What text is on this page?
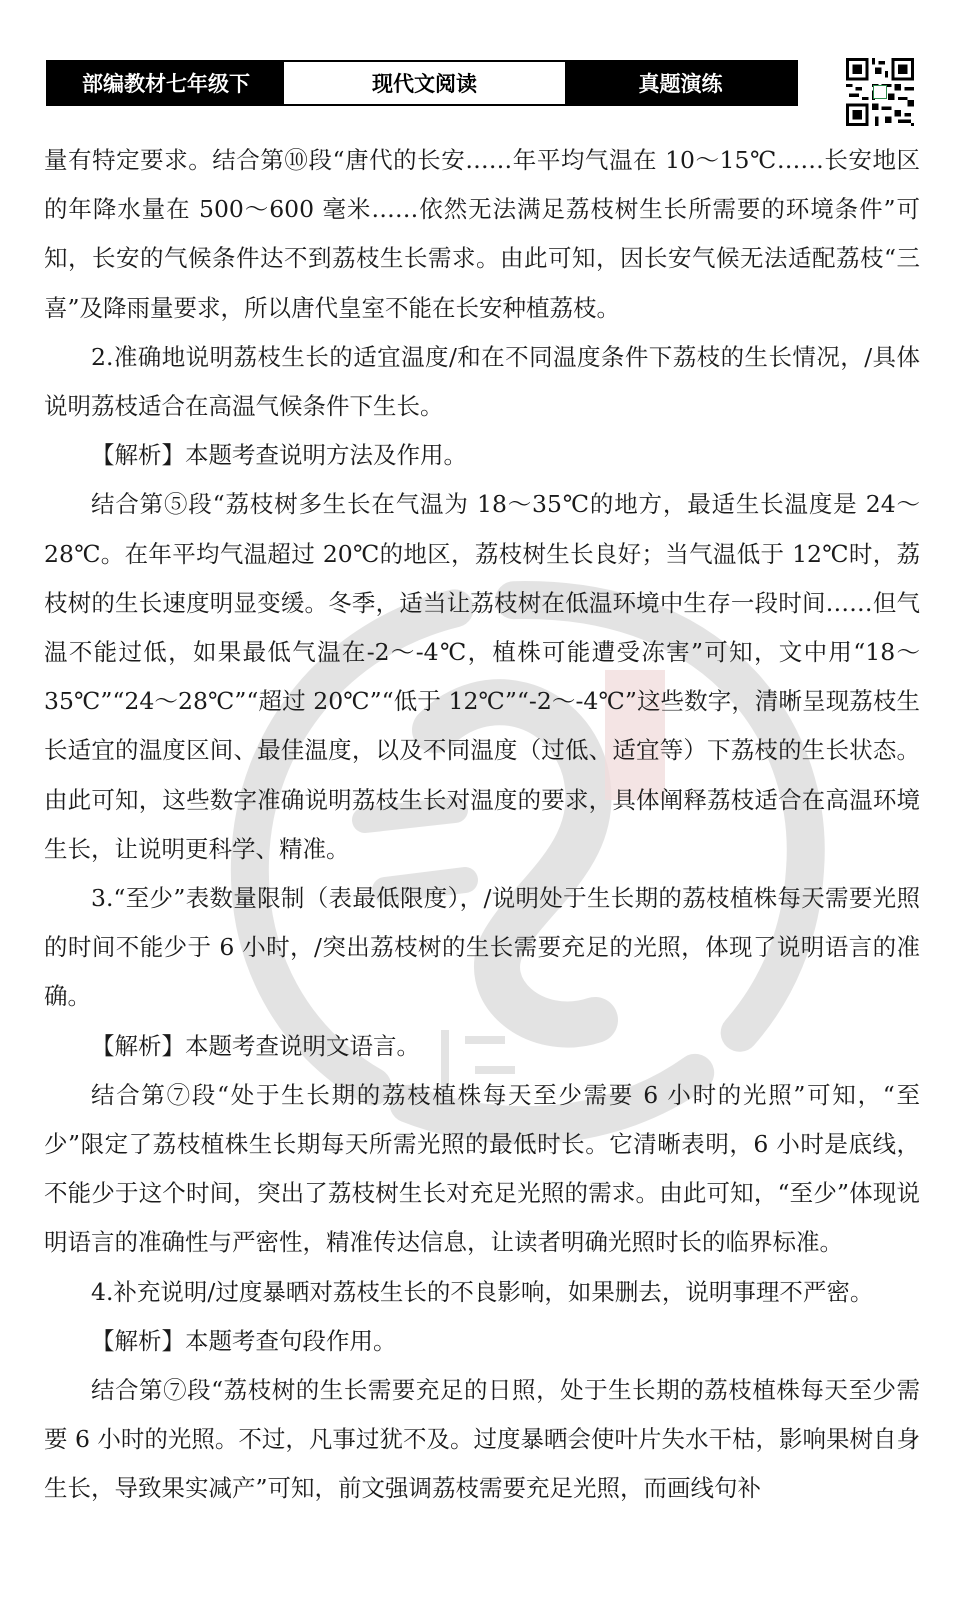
部编教材七年级下	现代文阅读	真题演练

量有特定要求。结合第⑩段“唐代的长安……年平均气温在 10～15℃……长安地区的年降水量在 500～600 毫米……依然无法满足荔枝树生长所需要的环境条件”可知，长安的气候条件达不到荔枝生长需求。由此可知，因长安气候无法适配荔枝“三喜”及降雨量要求，所以唐代皇室不能在长安种植荔枝。

2.准确地说明荔枝生长的适宜温度/和在不同温度条件下荔枝的生长情况，/具体说明荔枝适合在高温气候条件下生长。

【解析】本题考查说明方法及作用。

结合第⑤段“荔枝树多生长在气温为 18～35℃的地方，最适生长温度是 24～28℃。在年平均气温超过 20℃的地区，荔枝树生长良好；当气温低于 12℃时，荔枝树的生长速度明显变缓。冬季，适当让荔枝树在低温环境中生存一段时间……但气温不能过低，如果最低气温在-2～-4℃，植株可能遭受冻害”可知，文中用“18～35℃”“24～28℃”“超过 20℃”“低于 12℃”“-2～-4℃”这些数字，清晰呈现荔枝生长适宜的温度区间、最佳温度，以及不同温度（过低、适宜等）下荔枝的生长状态。由此可知，这些数字准确说明荔枝生长对温度的要求，具体阐释荔枝适合在高温环境生长，让说明更科学、精准。

3.“至少”表数量限制（表最低限度），/说明处于生长期的荔枝植株每天需要光照的时间不能少于 6 小时，/突出荔枝树的生长需要充足的光照，体现了说明语言的准确。

【解析】本题考查说明文语言。

结合第⑦段“处于生长期的荔枝植株每天至少需要 6 小时的光照”可知，“至少”限定了荔枝植株生长期每天所需光照的最低时长。它清晰表明，6 小时是底线，不能少于这个时间，突出了荔枝树生长对充足光照的需求。由此可知，“至少”体现说明语言的准确性与严密性，精准传达信息，让读者明确光照时长的临界标准。

4.补充说明/过度暴晒对荔枝生长的不良影响，如果删去，说明事理不严密。

【解析】本题考查句段作用。

结合第⑦段“荔枝树的生长需要充足的日照，处于生长期的荔枝植株每天至少需要 6 小时的光照。不过，凡事过犹不及。过度暴晒会使叶片失水干枯，影响果树自身生长，导致果实减产”可知，前文强调荔枝需要充足光照，而画线句补
